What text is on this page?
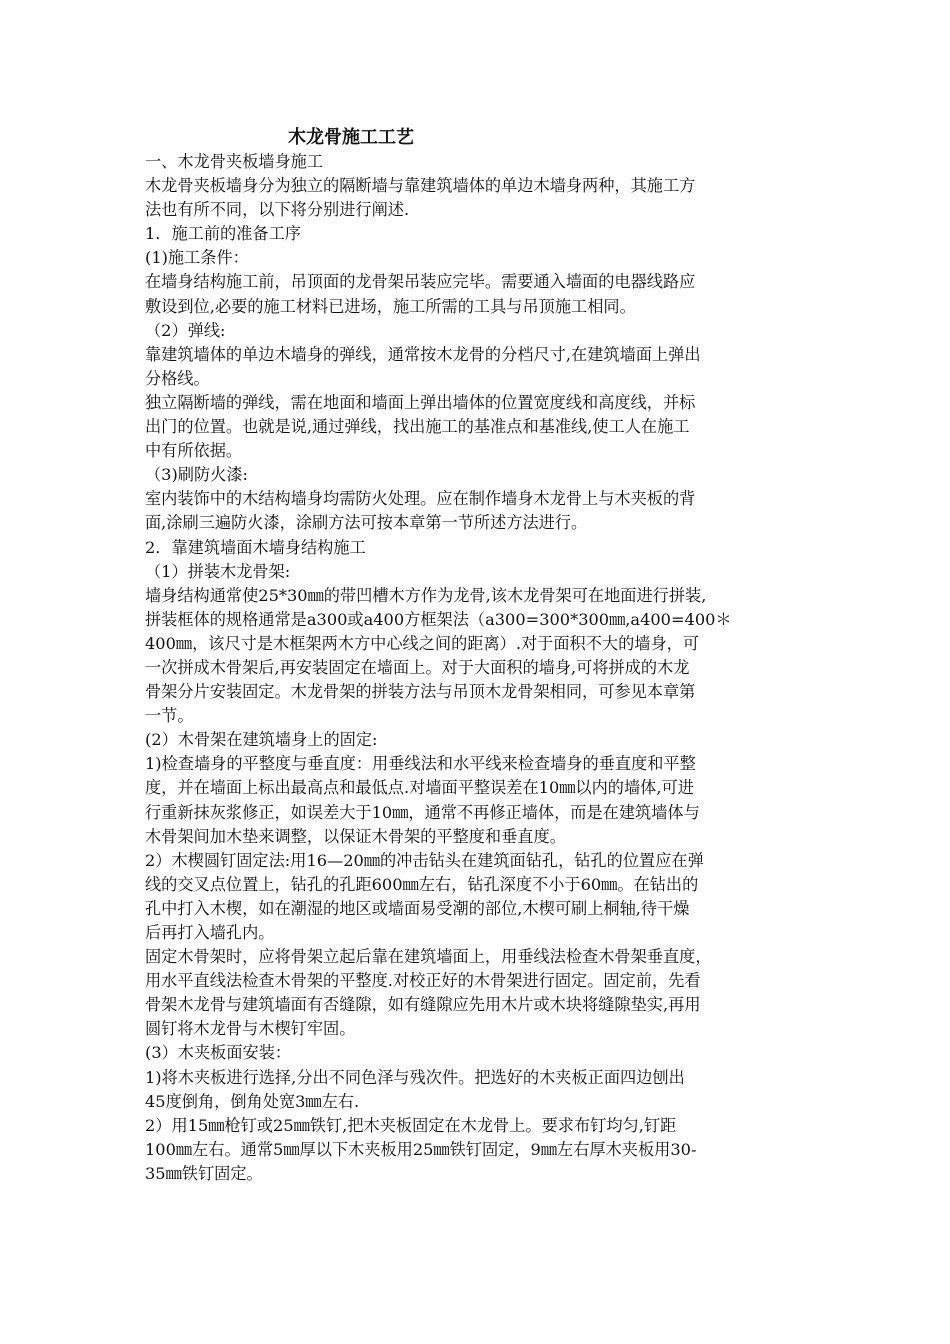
木龙骨施工工艺
一、木龙骨夹板墙身施工
木龙骨夹板墙身分为独立的隔断墙与靠建筑墙体的单边木墙身两种，其施工方
法也有所不同，以下将分别进行阐述.
1．施工前的准备工序
(1)施工条件：
在墙身结构施工前，吊顶面的龙骨架吊装应完毕。需要通入墙面的电器线路应
敷设到位,必要的施工材料已进场，施工所需的工具与吊顶施工相同。
（2）弹线:
靠建筑墙体的单边木墙身的弹线，通常按木龙骨的分档尺寸,在建筑墙面上弹出
分格线。
独立隔断墙的弹线，需在地面和墙面上弹出墙体的位置宽度线和高度线，并标
出门的位置。也就是说,通过弹线，找出施工的基准点和基准线,使工人在施工
中有所依据。
（3)刷防火漆:
室内装饰中的木结构墙身均需防火处理。应在制作墙身木龙骨上与木夹板的背
面,涂刷三遍防火漆，涂刷方法可按本章第一节所述方法进行。
2．靠建筑墙面木墙身结构施工
（1）拼装木龙骨架:
墙身结构通常使25*30㎜的带凹槽木方作为龙骨,该木龙骨架可在地面进行拼装,
拼装框体的规格通常是a300或a400方框架法（a300=300*300㎜,a400=400＊
400㎜，该尺寸是木框架两木方中心线之间的距离）.对于面积不大的墙身，可
一次拼成木骨架后,再安装固定在墙面上。对于大面积的墙身,可将拼成的木龙
骨架分片安装固定。木龙骨架的拼装方法与吊顶木龙骨架相同，可参见本章第
一节。
(2）木骨架在建筑墙身上的固定:
1)检查墙身的平整度与垂直度：用垂线法和水平线来检查墙身的垂直度和平整
度，并在墙面上标出最高点和最低点.对墙面平整误差在10㎜以内的墙体,可进
行重新抹灰浆修正，如误差大于10㎜，通常不再修正墙体，而是在建筑墙体与
木骨架间加木垫来调整，以保证木骨架的平整度和垂直度。
2）木楔圆钉固定法:用16—20㎜的冲击钻头在建筑面钻孔，钻孔的位置应在弹
线的交叉点位置上，钻孔的孔距600㎜左右，钻孔深度不小于60㎜。在钻出的
孔中打入木楔，如在潮湿的地区或墙面易受潮的部位,木楔可刷上桐轴,待干燥
后再打入墙孔内。
固定木骨架时，应将骨架立起后靠在建筑墙面上，用垂线法检查木骨架垂直度，
用水平直线法检查木骨架的平整度.对校正好的木骨架进行固定。固定前，先看
骨架木龙骨与建筑墙面有否缝隙，如有缝隙应先用木片或木块将缝隙垫实,再用
圆钉将木龙骨与木楔钉牢固。
(3）木夹板面安装：
1)将木夹板进行选择,分出不同色泽与残次件。把选好的木夹板正面四边刨出
45度倒角，倒角处宽3㎜左右.
2）用15㎜枪钉或25㎜铁钉,把木夹板固定在木龙骨上。要求布钉均匀,钉距
100㎜左右。通常5㎜厚以下木夹板用25㎜铁钉固定，9㎜左右厚木夹板用30-
35㎜铁钉固定。
